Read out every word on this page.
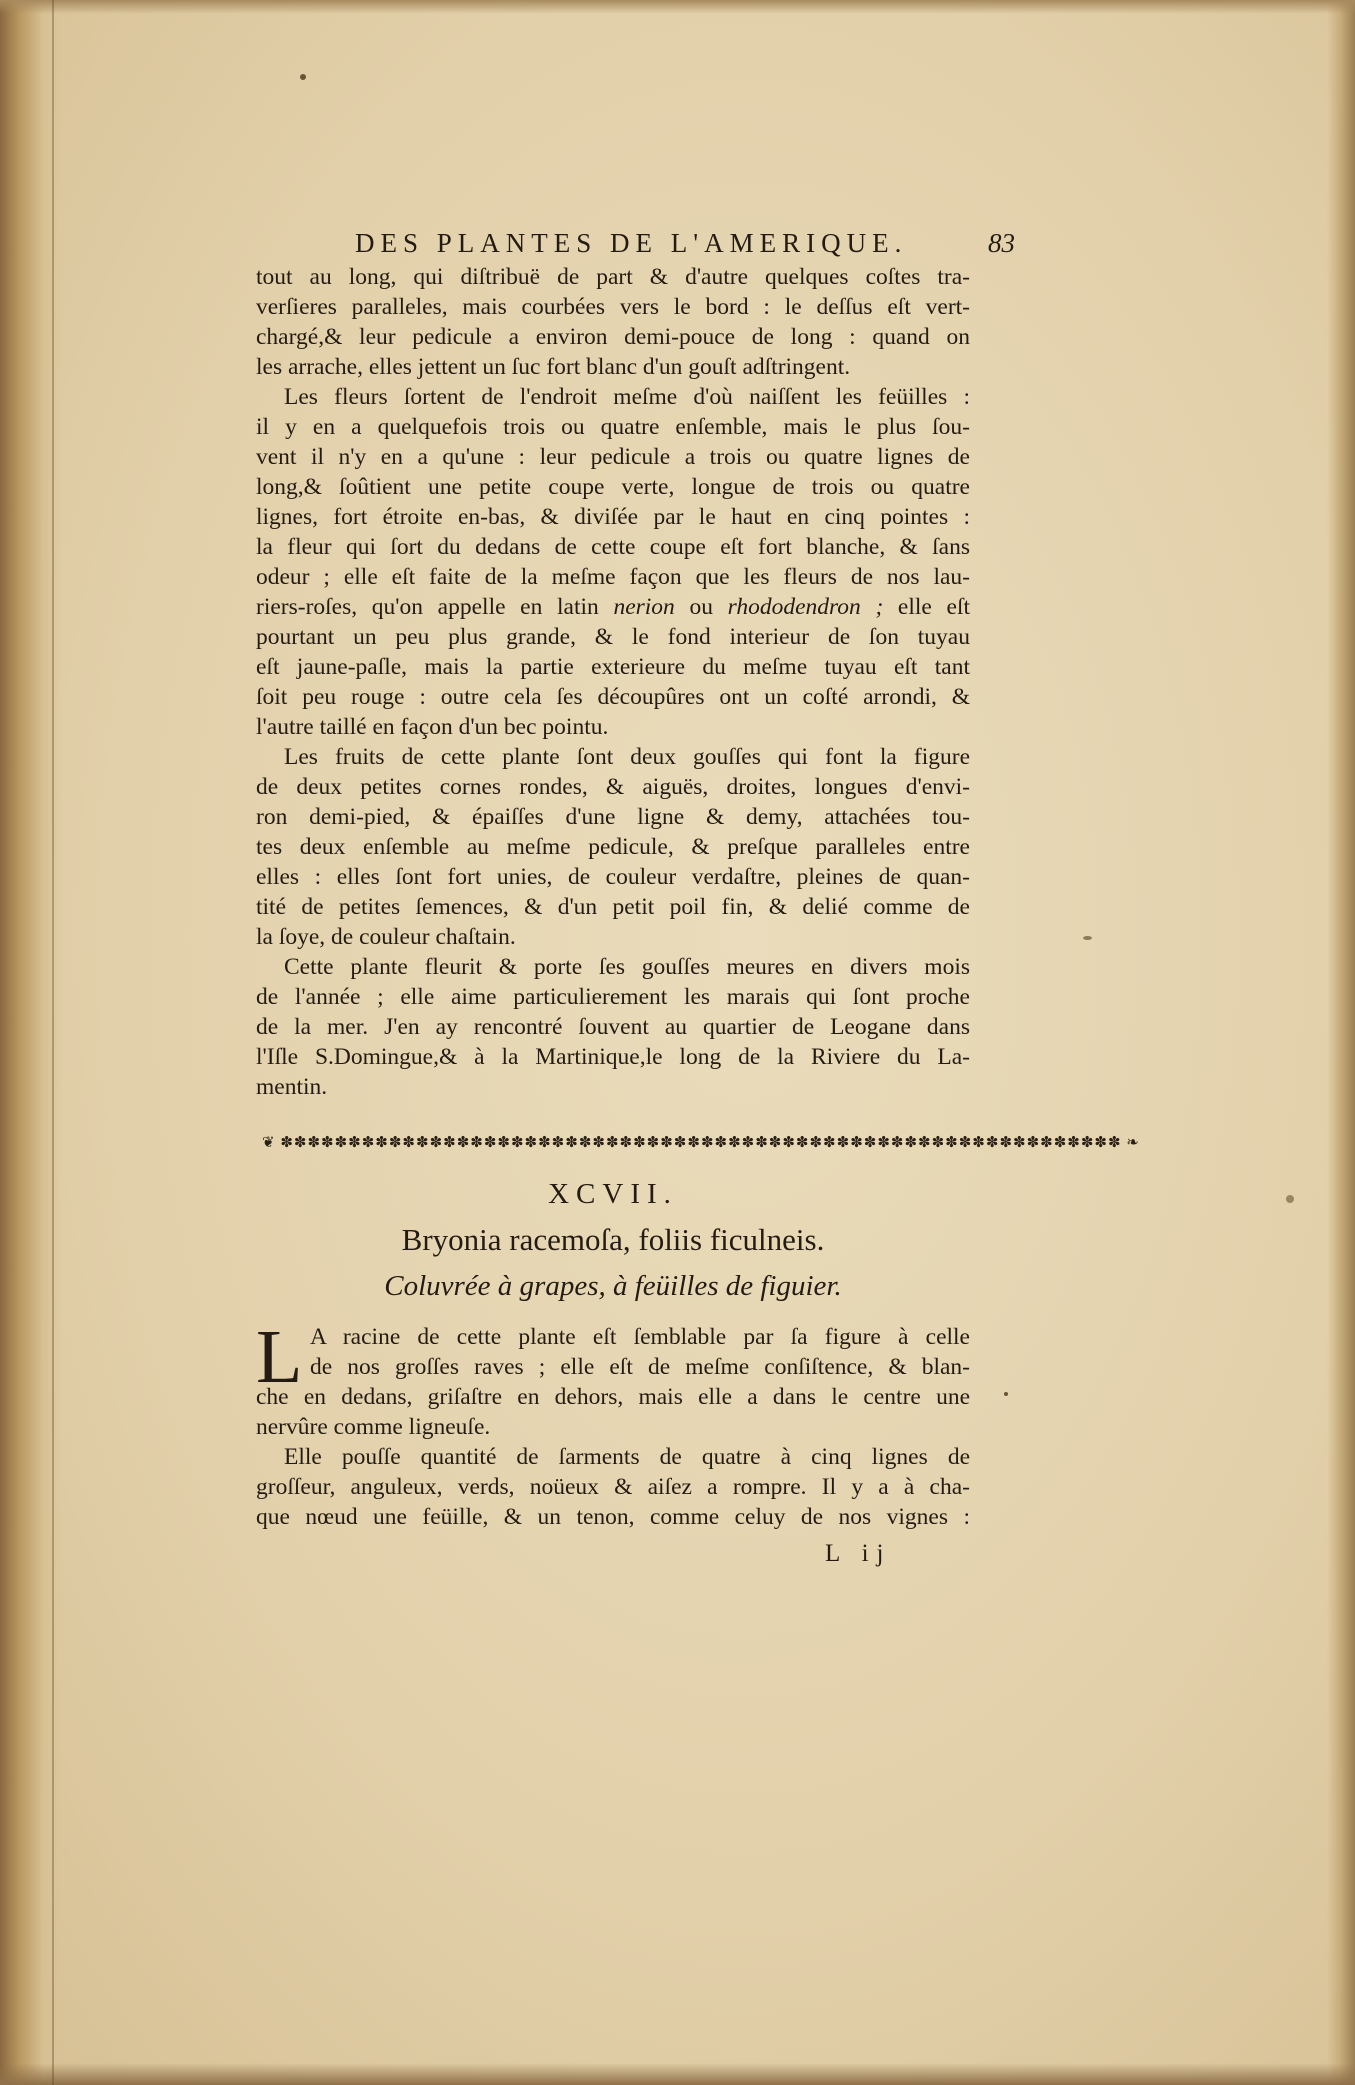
DES PLANTES DE L'AMERIQUE.	83
tout au long, qui diſtribuë de part & d'autre quelques coſtes tra-
verſieres paralleles, mais courbées vers le bord : le deſſus eſt vert-
chargé,& leur pedicule a environ demi-pouce de long : quand on
les arrache, elles jettent un ſuc fort blanc d'un gouſt adſtringent.
Les fleurs ſortent de l'endroit meſme d'où naiſſent les feüilles :
il y en a quelquefois trois ou quatre enſemble, mais le plus ſou-
vent il n'y en a qu'une : leur pedicule a trois ou quatre lignes de
long,& ſoûtient une petite coupe verte, longue de trois ou quatre
lignes, fort étroite en-bas, & diviſée par le haut en cinq pointes :
la fleur qui ſort du dedans de cette coupe eſt fort blanche, & ſans
odeur ; elle eſt faite de la meſme façon que les fleurs de nos lau-
riers-roſes, qu'on appelle en latin nerion ou rhododendron ; elle eſt
pourtant un peu plus grande, & le fond interieur de ſon tuyau
eſt jaune-paſle, mais la partie exterieure du meſme tuyau eſt tant
ſoit peu rouge : outre cela ſes découpûres ont un coſté arrondi, &
l'autre taillé en façon d'un bec pointu.
Les fruits de cette plante ſont deux gouſſes qui font la figure
de deux petites cornes rondes, & aiguës, droites, longues d'envi-
ron demi-pied, & épaiſſes d'une ligne & demy, attachées tou-
tes deux enſemble au meſme pedicule, & preſque paralleles entre
elles : elles ſont fort unies, de couleur verdaſtre, pleines de quan-
tité de petites ſemences, & d'un petit poil fin, & delié comme de
la ſoye, de couleur chaſtain.
Cette plante fleurit & porte ſes gouſſes meures en divers mois
de l'année ; elle aime particulierement les marais qui ſont proche
de la mer. J'en ay rencontré ſouvent au quartier de Leogane dans
l'Iſle S.Domingue,& à la Martinique,le long de la Riviere du La-
mentin.
❦ ✽✽✽✽✽✽✽✽✽✽✽✽✽✽✽✽✽✽✽✽✽✽✽✽✽✽✽✽✽✽✽✽✽✽✽✽✽✽✽✽✽✽✽✽✽✽✽✽✽✽✽✽✽✽✽✽✽✽✽✽✽✽ ❧
XCVII.
Bryonia racemoſa, foliis ficulneis.
Coluvrée à grapes, à feüilles de figuier.
L A racine de cette plante eſt ſemblable par ſa figure à celle
de nos groſſes raves ; elle eſt de meſme conſiſtence, & blan-
che en dedans, griſaſtre en dehors, mais elle a dans le centre une
nervûre comme ligneuſe.
Elle pouſſe quantité de ſarments de quatre à cinq lignes de
groſſeur, anguleux, verds, noüeux & aiſez a rompre. Il y a à cha-
que nœud une feüille, & un tenon, comme celuy de nos vignes :
L ij
